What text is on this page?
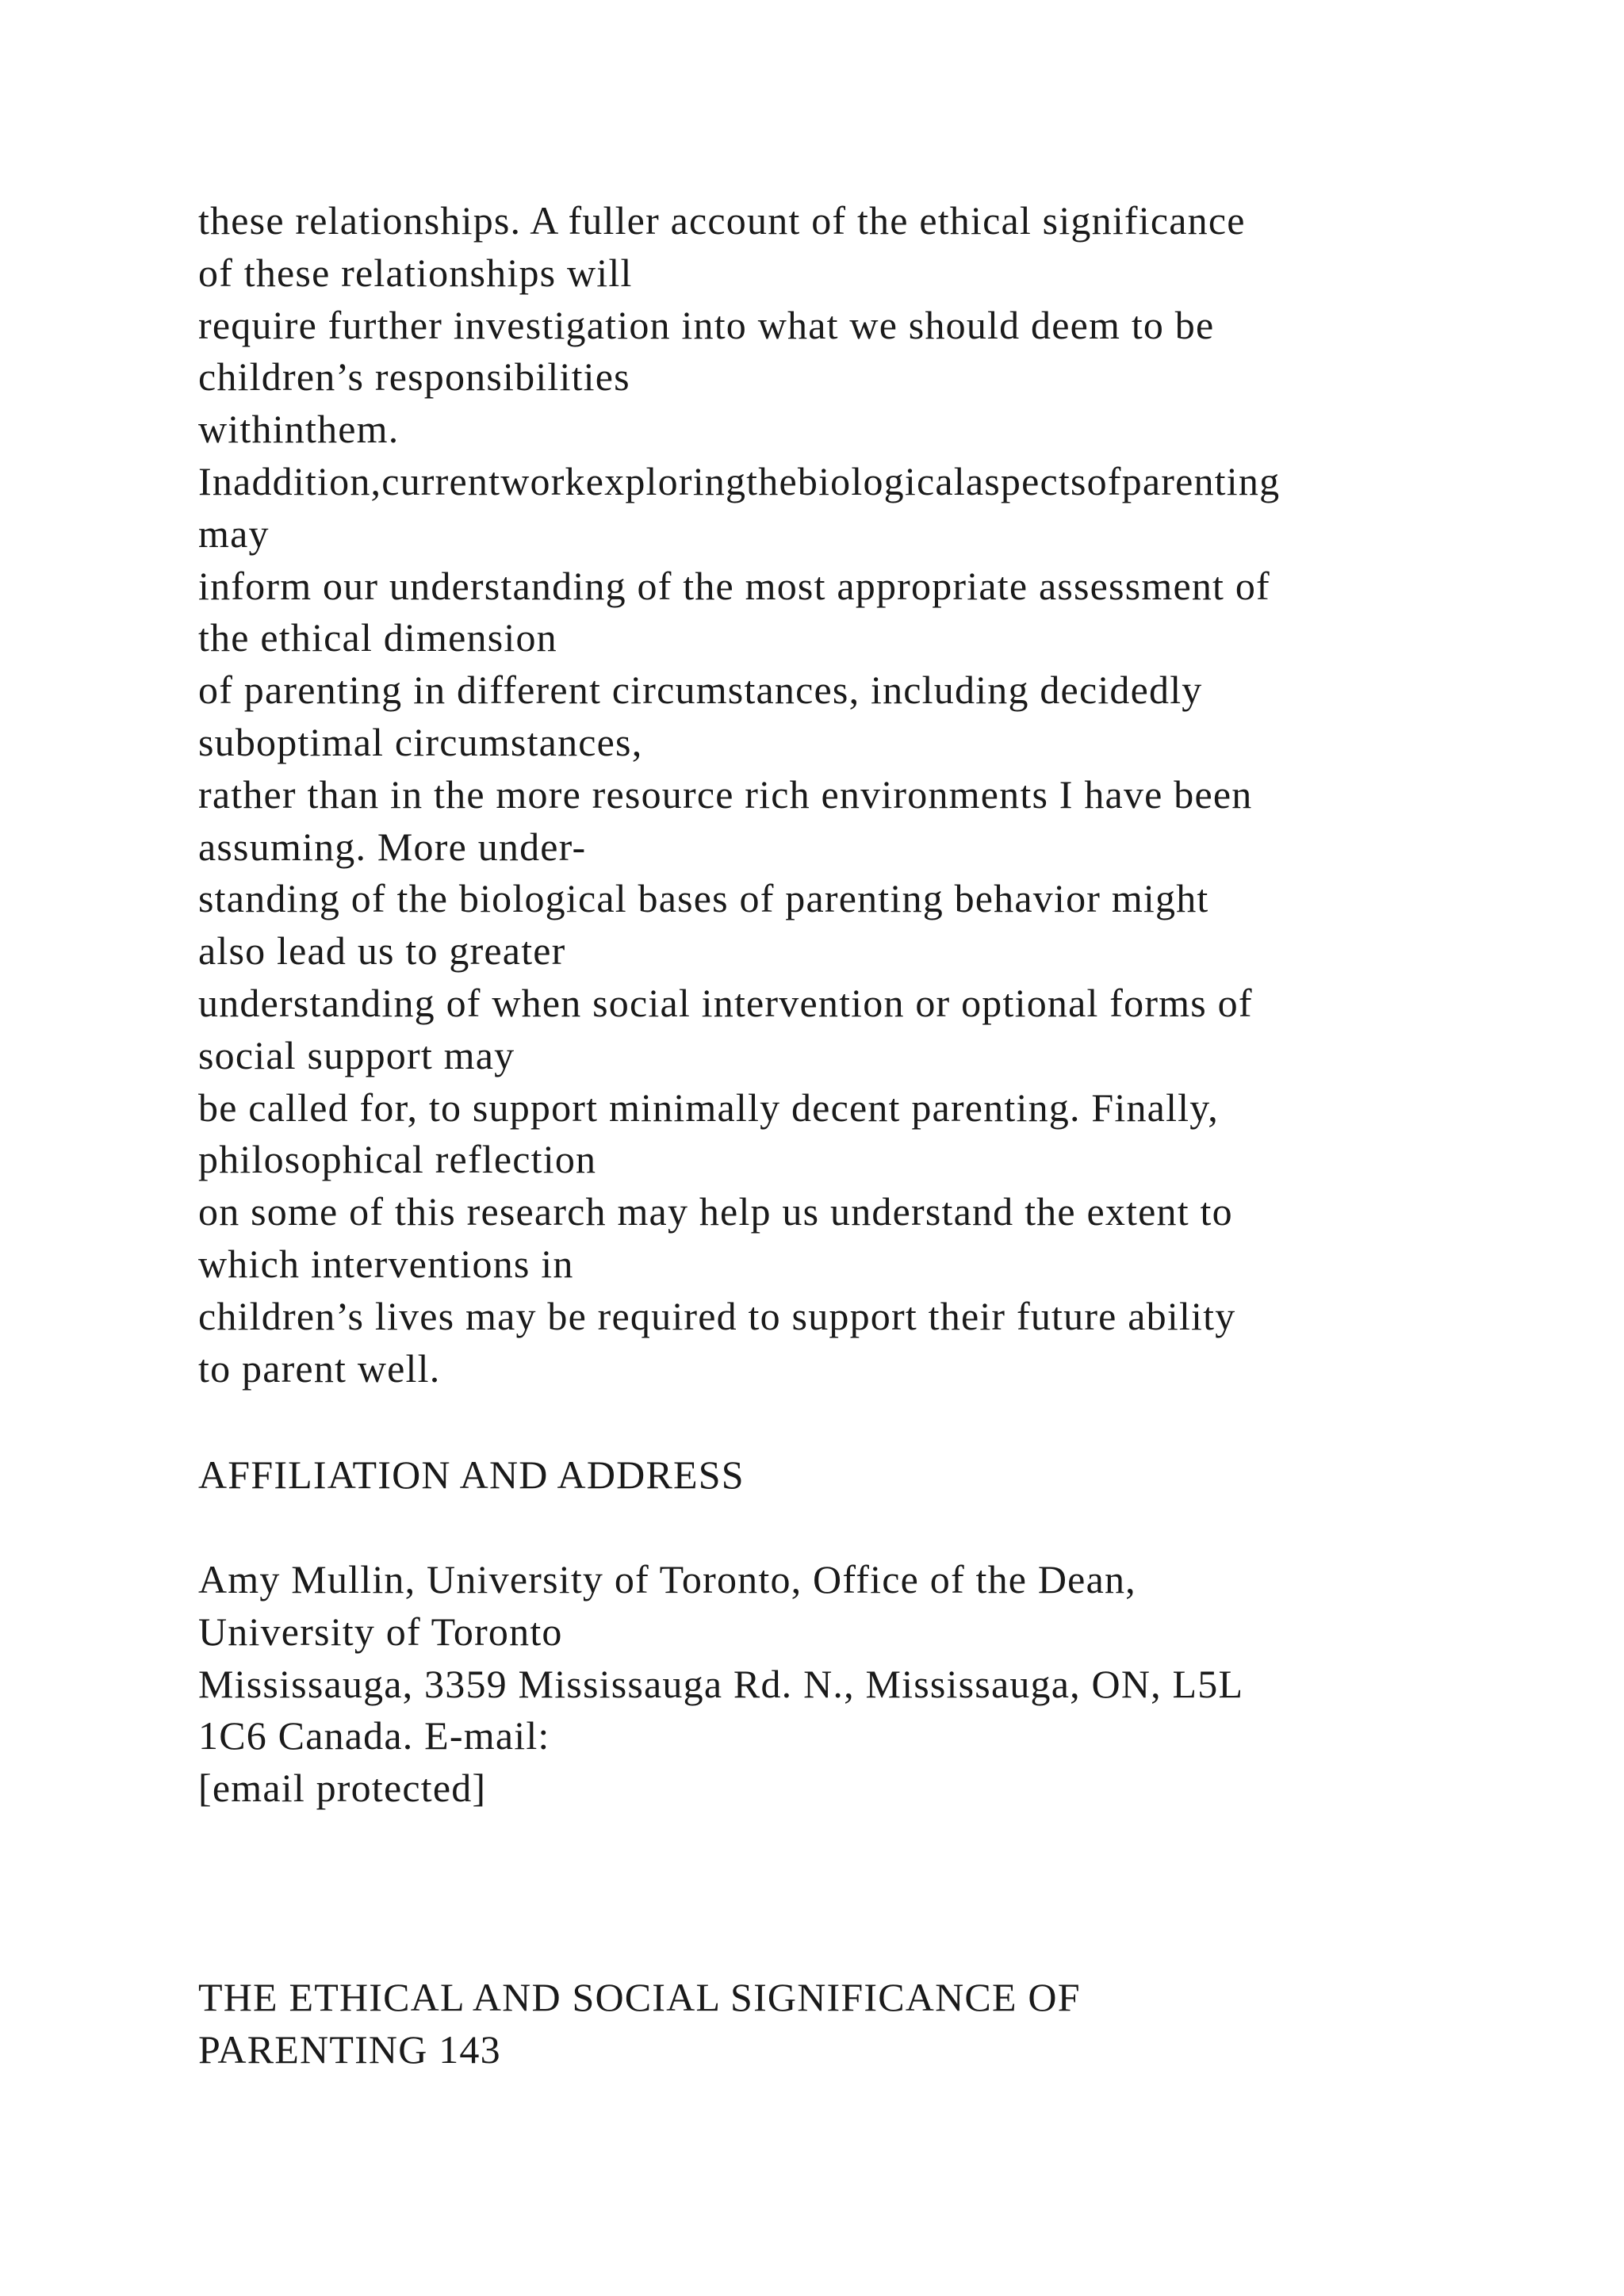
these relationships. A fuller account of the ethical significance
of these relationships will
require further investigation into what we should deem to be
children’s responsibilities
withinthem.
Inaddition,currentworkexploringthebiologicalaspectsofparenting
may
inform our understanding of the most appropriate assessment of
the ethical dimension
of parenting in different circumstances, including decidedly
suboptimal circumstances,
rather than in the more resource rich environments I have been
assuming. More under-
standing of the biological bases of parenting behavior might
also lead us to greater
understanding of when social intervention or optional forms of
social support may
be called for, to support minimally decent parenting. Finally,
philosophical reflection
on some of this research may help us understand the extent to
which interventions in
children’s lives may be required to support their future ability
to parent well.
AFFILIATION AND ADDRESS
Amy Mullin, University of Toronto, Office of the Dean,
University of Toronto
Mississauga, 3359 Mississauga Rd. N., Mississauga, ON, L5L
1C6 Canada. E-mail:
[email protected]
THE ETHICAL AND SOCIAL SIGNIFICANCE OF
PARENTING 143
